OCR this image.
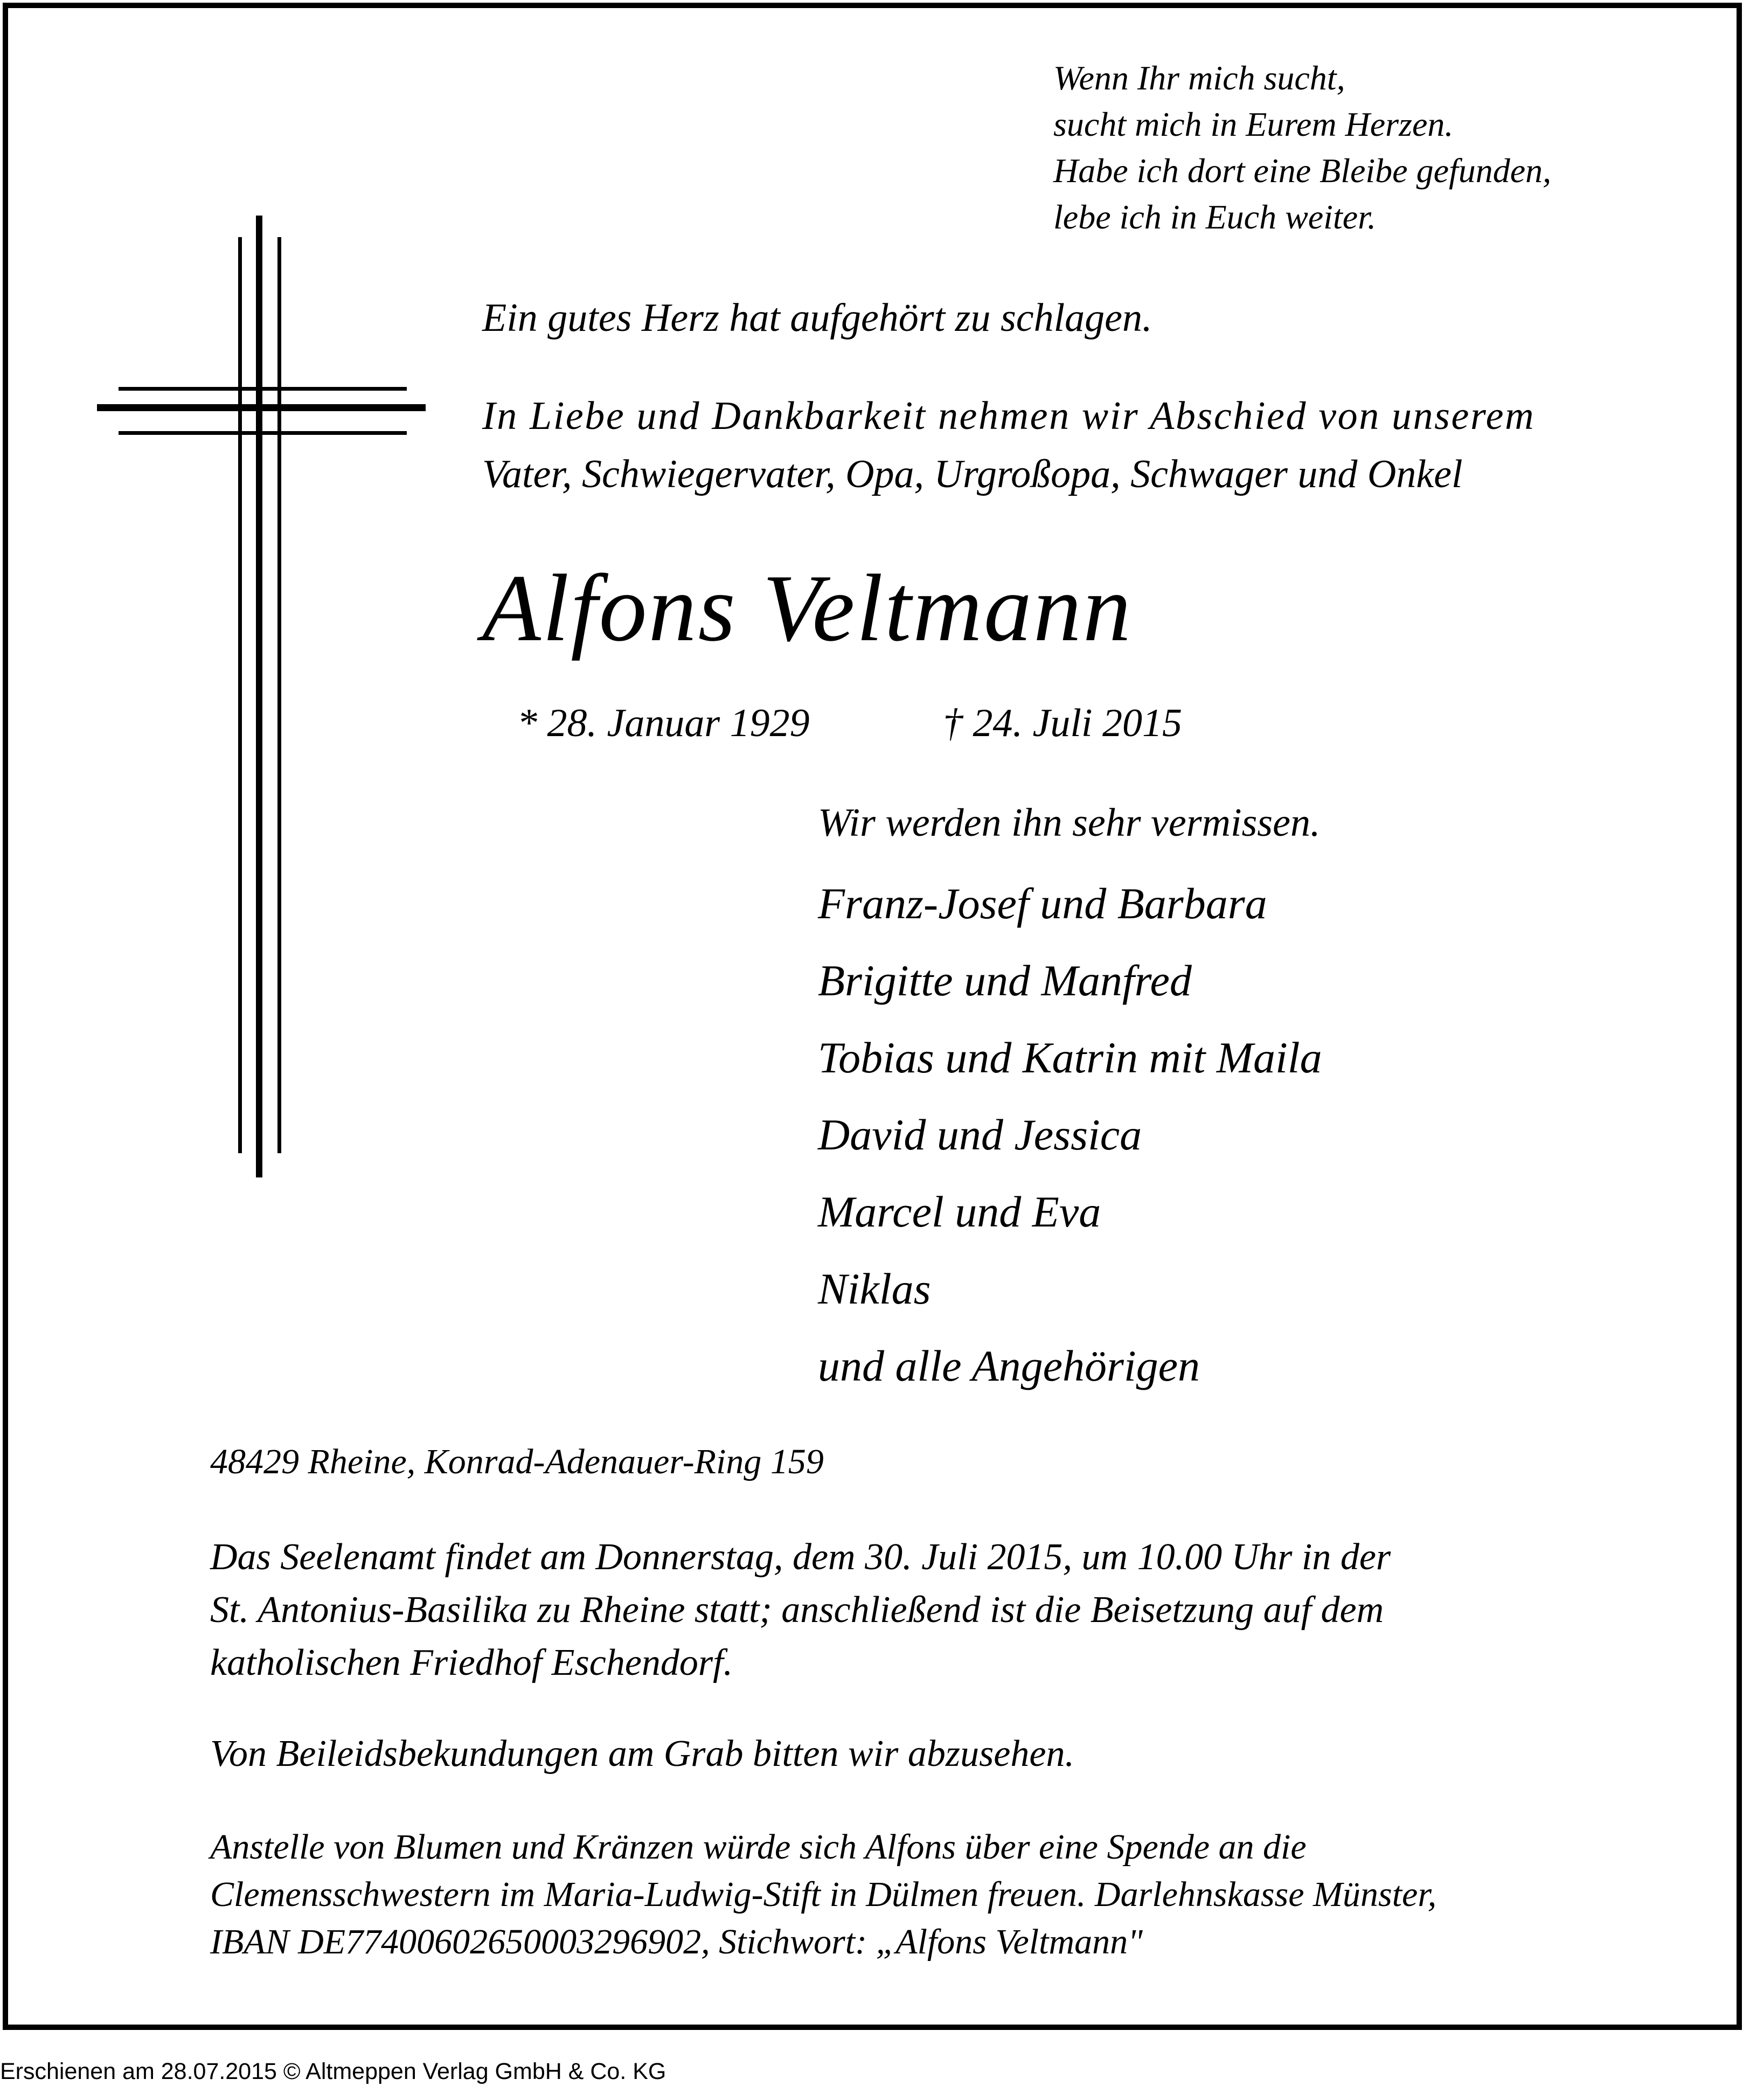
Wenn Ihr mich sucht,
sucht mich in Eurem Herzen.
Habe ich dort eine Bleibe gefunden,
lebe ich in Euch weiter.
Ein gutes Herz hat aufgehört zu schlagen.
In Liebe und Dankbarkeit nehmen wir Abschied von unserem
Vater, Schwiegervater, Opa, Urgroßopa, Schwager und Onkel
Alfons Veltmann
* 28. Januar 1929	† 24. Juli 2015
Wir werden ihn sehr vermissen.
Franz-Josef und Barbara
Brigitte und Manfred
Tobias und Katrin mit Maila
David und Jessica
Marcel und Eva
Niklas
und alle Angehörigen
48429 Rheine, Konrad-Adenauer-Ring 159
Das Seelenamt findet am Donnerstag, dem 30. Juli 2015, um 10.00 Uhr in der
St. Antonius-Basilika zu Rheine statt; anschließend ist die Beisetzung auf dem
katholischen Friedhof Eschendorf.
Von Beileidsbekundungen am Grab bitten wir abzusehen.
Anstelle von Blumen und Kränzen würde sich Alfons über eine Spende an die
Clemensschwestern im Maria-Ludwig-Stift in Dülmen freuen. Darlehnskasse Münster,
IBAN DE77400602650003296902, Stichwort: „Alfons Veltmann"
Erschienen am 28.07.2015 © Altmeppen Verlag GmbH & Co. KG
